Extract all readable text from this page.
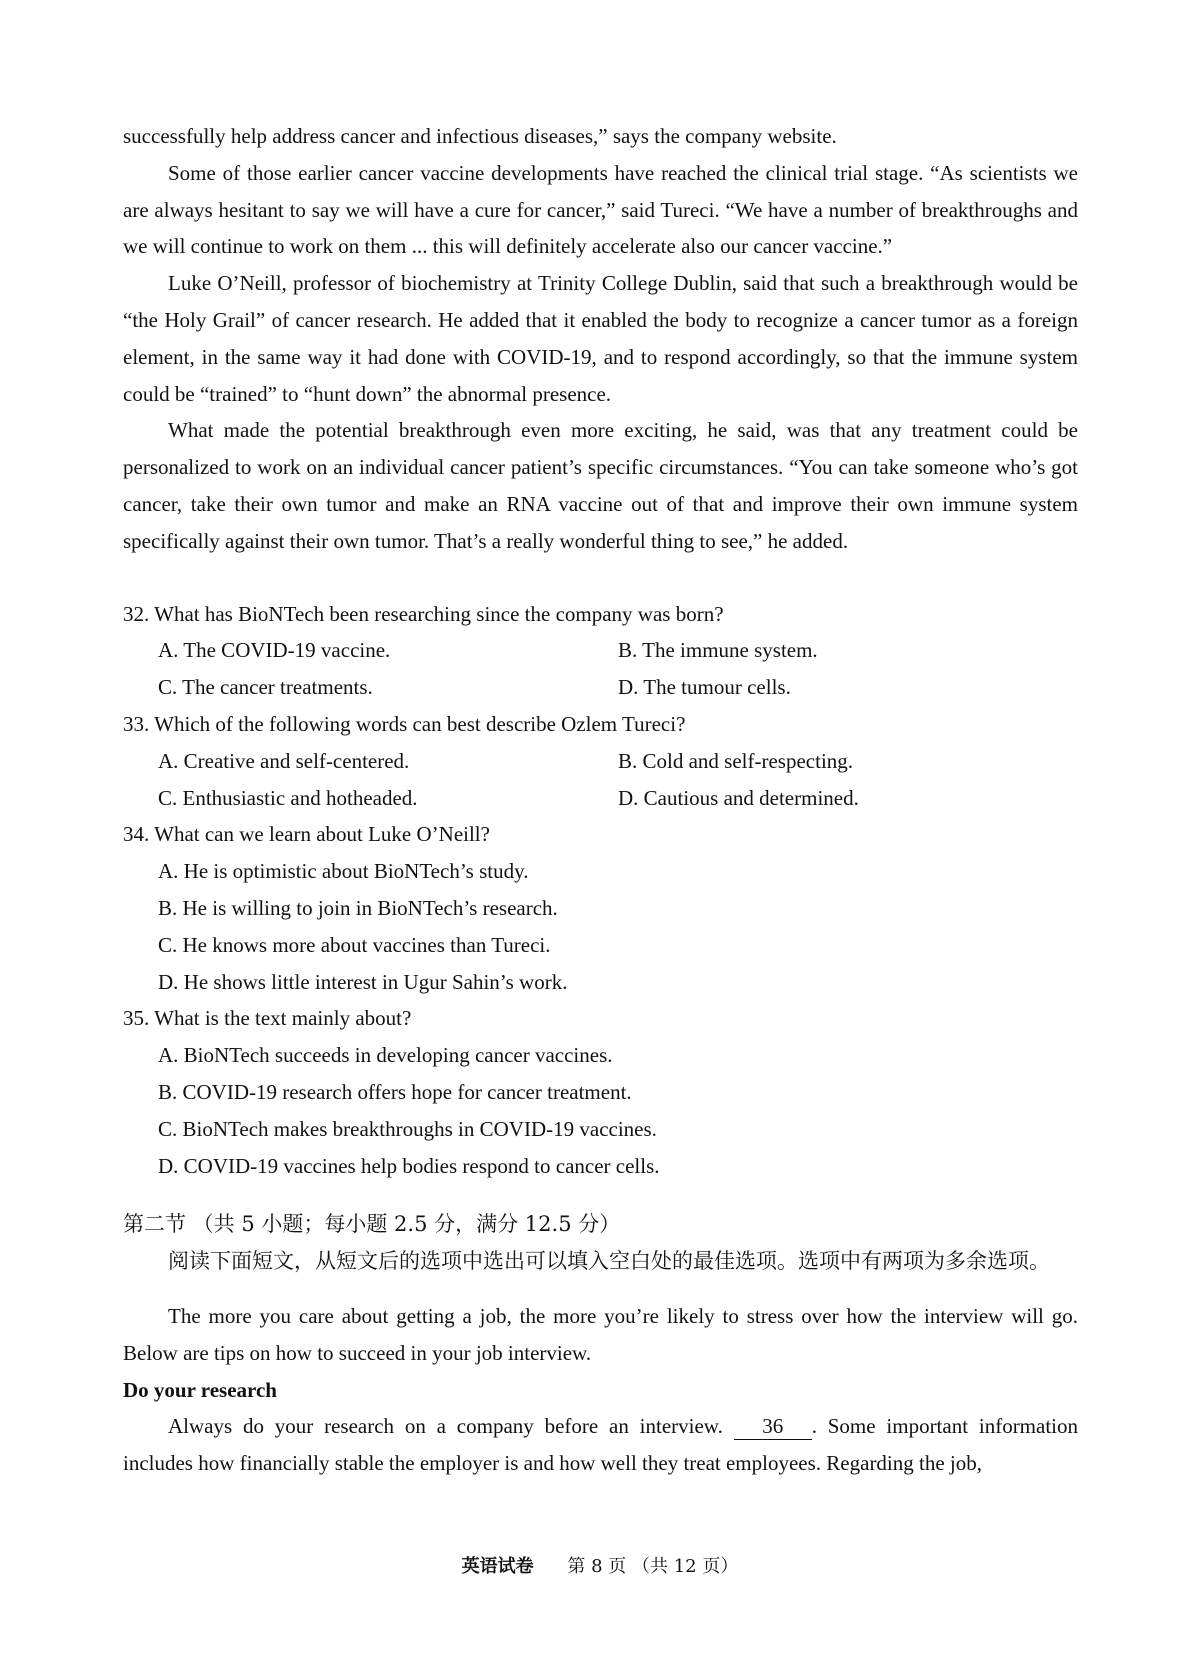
successfully help address cancer and infectious diseases,” says the company website.

Some of those earlier cancer vaccine developments have reached the clinical trial stage. “As scientists we are always hesitant to say we will have a cure for cancer,” said Tureci. “We have a number of breakthroughs and we will continue to work on them ... this will definitely accelerate also our cancer vaccine.”

Luke O’Neill, professor of biochemistry at Trinity College Dublin, said that such a breakthrough would be “the Holy Grail” of cancer research. He added that it enabled the body to recognize a cancer tumor as a foreign element, in the same way it had done with COVID-19, and to respond accordingly, so that the immune system could be “trained” to “hunt down” the abnormal presence.

What made the potential breakthrough even more exciting, he said, was that any treatment could be personalized to work on an individual cancer patient’s specific circumstances. “You can take someone who’s got cancer, take their own tumor and make an RNA vaccine out of that and improve their own immune system specifically against their own tumor. That’s a really wonderful thing to see,” he added.

32. What has BioNTech been researching since the company was born?

A. The COVID-19 vaccine.	B. The immune system.
C. The cancer treatments.	D. The tumour cells.

33. Which of the following words can best describe Ozlem Tureci?

A. Creative and self-centered.	B. Cold and self-respecting.
C. Enthusiastic and hotheaded.	D. Cautious and determined.

34. What can we learn about Luke O’Neill?

A. He is optimistic about BioNTech’s study.

B. He is willing to join in BioNTech’s research.

C. He knows more about vaccines than Tureci.

D. He shows little interest in Ugur Sahin’s work.

35. What is the text mainly about?

A. BioNTech succeeds in developing cancer vaccines.

B. COVID-19 research offers hope for cancer treatment.

C. BioNTech makes breakthroughs in COVID-19 vaccines.

D. COVID-19 vaccines help bodies respond to cancer cells.

第二节 （共 5 小题；每小题 2.5 分，满分 12.5 分）
阅读下面短文，从短文后的选项中选出可以填入空白处的最佳选项。选项中有两项为多余选项。

The more you care about getting a job, the more you’re likely to stress over how the interview will go. Below are tips on how to succeed in your job interview.

Do your research

Always do your research on a company before an interview. 36 . Some important information includes how financially stable the employer is and how well they treat employees. Regarding the job,

英语试卷 第 8 页 （共 12 页）
